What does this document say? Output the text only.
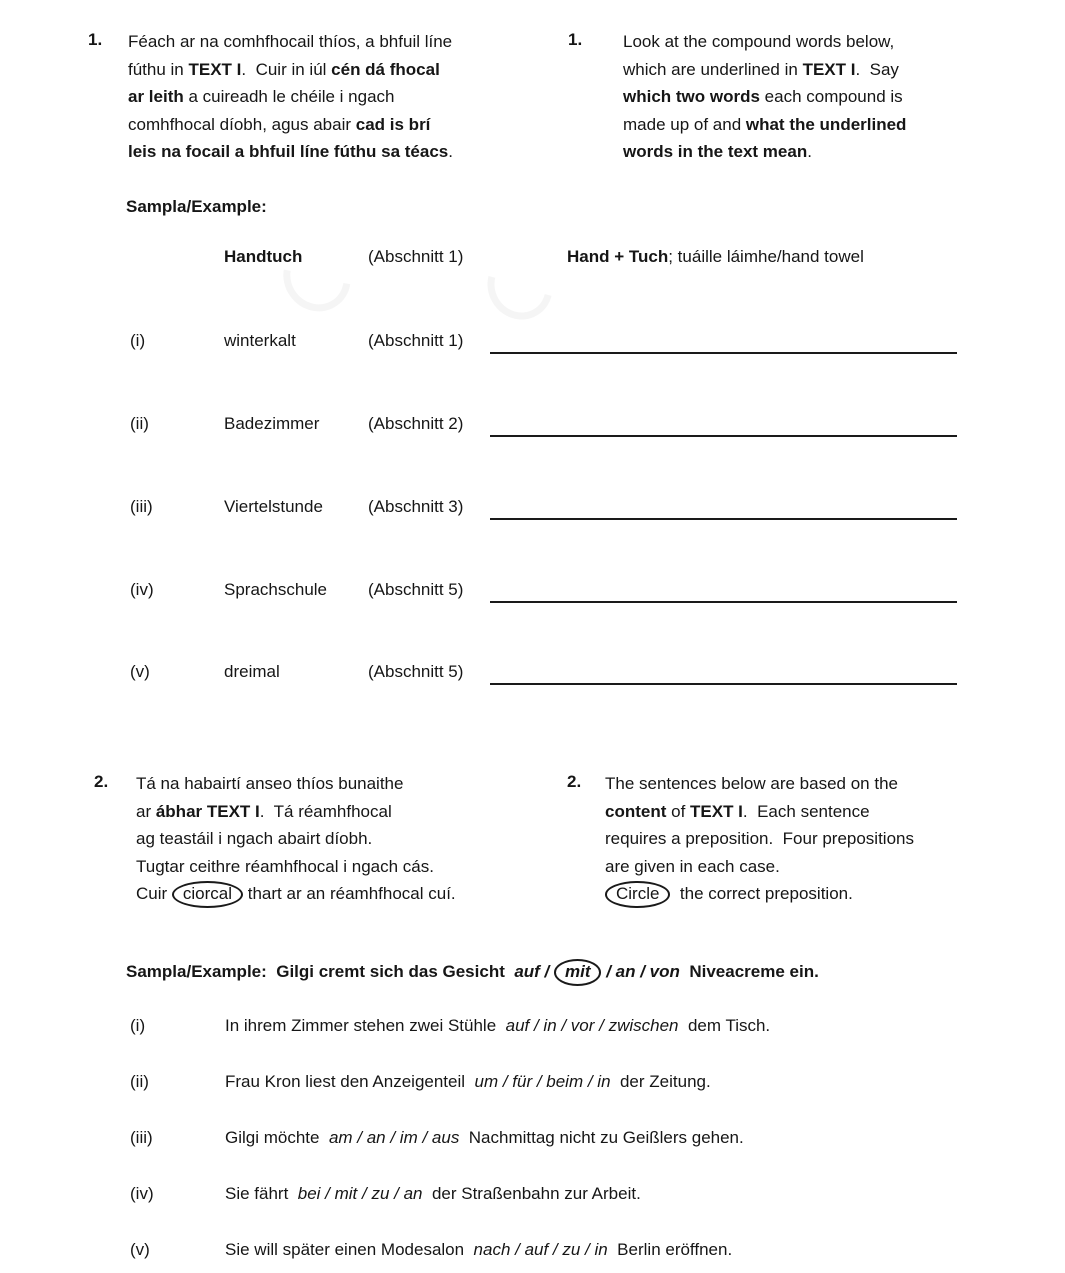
1. Féach ar na comhfhocail thíos, a bhfuil líne
fúthu in TEXT I.  Cuir in iúl cén dá fhocal
ar leith a cuireadh le chéile i ngach
comhfhocal díobh, agus abair cad is brí
leis na focail a bhfuil líne fúthu sa téacs.
1. Look at the compound words below,
which are underlined in TEXT I.  Say
which two words each compound is
made up of and what the underlined
words in the text mean.
Sampla/Example:
Handtuch	(Abschnitt 1)	Hand + Tuch; tuáille láimhe/hand towel
(i)	winterkalt	(Abschnitt 1)
(ii)	Badezimmer	(Abschnitt 2)
(iii)	Viertelstunde	(Abschnitt 3)
(iv)	Sprachschule (Abschnitt 5)
(v)	dreimal	(Abschnitt 5)
2. Tá na habairtí anseo thíos bunaithe
ar ábhar TEXT I.  Tá réamhfhocal
ag teastáil i ngach abairt díobh.
Tugtar ceithre réamhfhocal i ngach cás.
Cuir ciorcal thart ar an réamhfhocal cuí.
2. The sentences below are based on the
content of TEXT I.  Each sentence
requires a preposition.  Four prepositions
are given in each case.
Circle  the correct preposition.
Sampla/Example:  Gilgi cremt sich das Gesicht  auf / mit / an / von  Niveacreme ein.
(i)	In ihrem Zimmer stehen zwei Stühle  auf / in / vor / zwischen  dem Tisch.
(ii)	Frau Kron liest den Anzeigenteil  um / für / beim / in  der Zeitung.
(iii)	Gilgi möchte  am / an / im / aus  Nachmittag nicht zu Geißlers gehen.
(iv)	Sie fährt  bei / mit / zu / an  der Straßenbahn zur Arbeit.
(v)	Sie will später einen Modesalon  nach / auf / zu / in  Berlin eröffnen.
